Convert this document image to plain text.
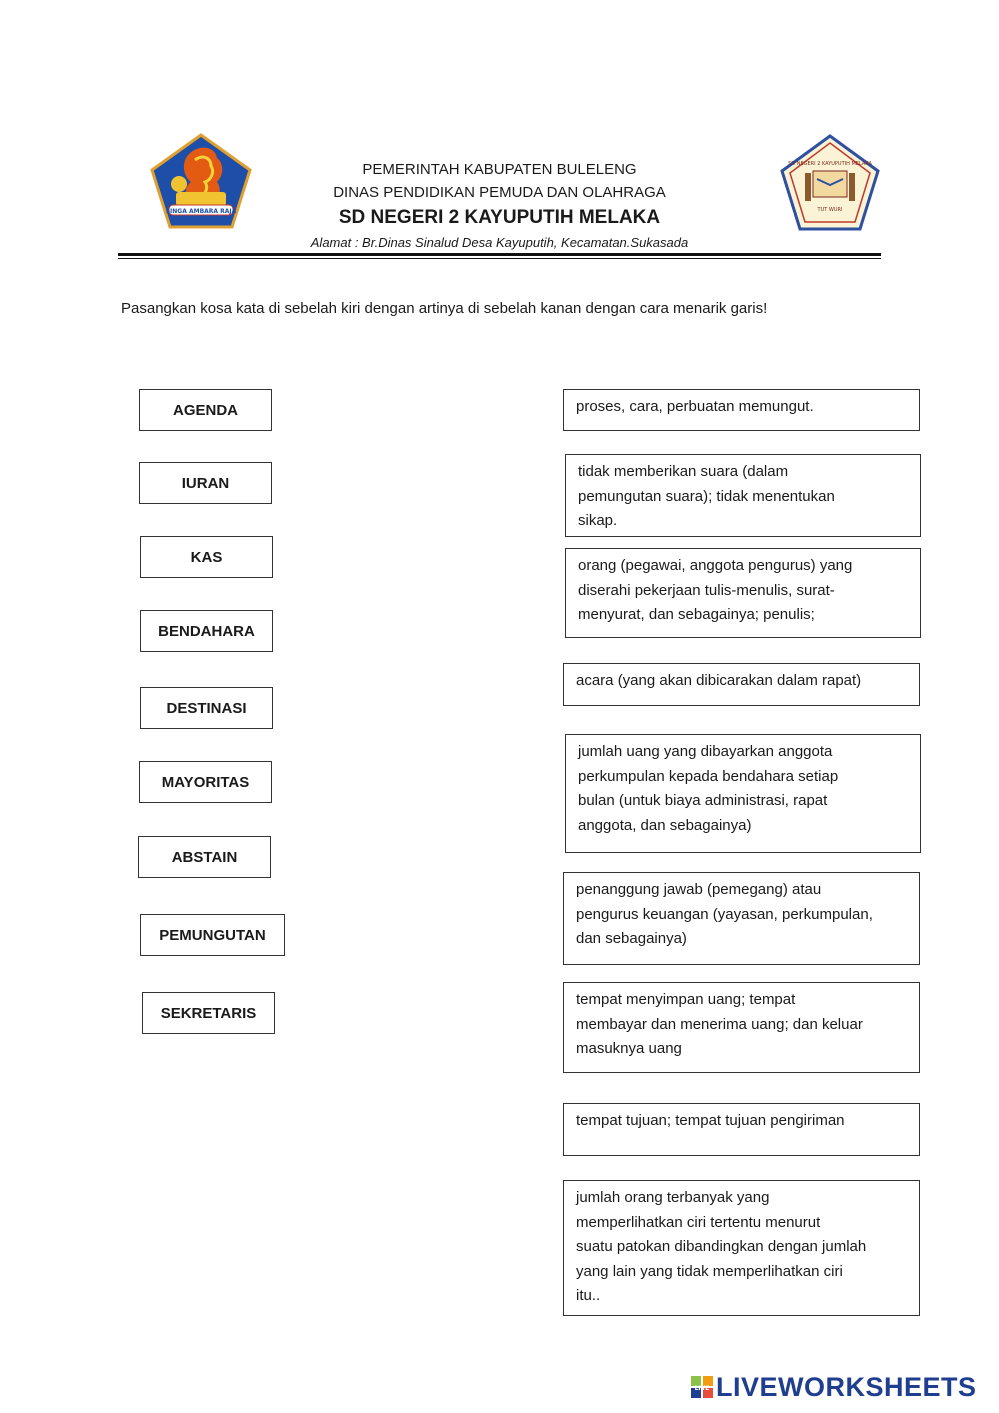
SINGA AMBARA RAJA
SD NEGERI 2 KAYUPUTIH MELAKA
TUT WURI
PEMERINTAH KABUPATEN BULELENG
DINAS PENDIDIKAN PEMUDA DAN OLAHRAGA
SD NEGERI 2 KAYUPUTIH MELAKA
Alamat : Br.Dinas Sinalud Desa Kayuputih, Kecamatan.Sukasada
Pasangkan kosa kata di sebelah kiri dengan artinya di sebelah kanan dengan cara menarik garis!
AGENDA
IURAN
KAS
BENDAHARA
DESTINASI
MAYORITAS
ABSTAIN
PEMUNGUTAN
SEKRETARIS
proses, cara, perbuatan memungut.
tidak memberikan suara (dalam
pemungutan suara); tidak menentukan
sikap.
orang (pegawai, anggota pengurus) yang
diserahi pekerjaan tulis-menulis, surat-
menyurat, dan sebagainya; penulis;
acara (yang akan dibicarakan dalam rapat)
jumlah uang yang dibayarkan anggota
perkumpulan kepada bendahara setiap
bulan (untuk biaya administrasi, rapat
anggota, dan sebagainya)
penanggung jawab (pemegang) atau
pengurus keuangan (yayasan, perkumpulan,
dan sebagainya)
tempat menyimpan uang; tempat
membayar dan menerima uang; dan keluar
masuknya uang
tempat tujuan; tempat tujuan pengiriman
jumlah orang terbanyak yang
memperlihatkan ciri tertentu menurut
suatu patokan dibandingkan dengan jumlah
yang lain yang tidak memperlihatkan ciri
itu..
LIVE LIVEWORKSHEETS
